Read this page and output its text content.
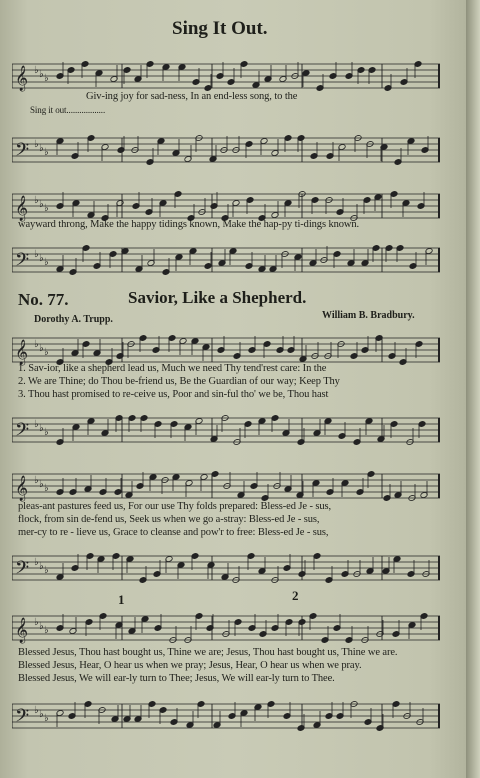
Sing It Out.
𝄞 ♭ ♭ ♭
Giv-ing joy for sad-ness, In an end-less song, to the
Sing it out..................
𝄢 ♭ ♭ ♭
𝄞 ♭ ♭ ♭
wayward throng, Make the happy tidings known, Make the hap-py ti-dings known.
𝄢 ♭ ♭ ♭
No. 77.	Savior, Like a Shepherd.
Dorothy A. Trupp.	William B. Bradbury.
𝄞 ♭ ♭ ♭
1. Sav-ior, like a shepherd lead us, Much we need Thy tend'rest care: In the
2. We are Thine; do Thou be-friend us, Be the Guardian of our way; Keep Thy
3. Thou hast promised to re-ceive us, Poor and sin-ful tho' we be, Thou hast
𝄢 ♭ ♭ ♭
𝄞 ♭ ♭ ♭
pleas-ant pastures feed us, For our use Thy folds prepared: Bless-ed Je - sus,
flock, from sin de-fend us, Seek us when we go a-stray: Bless-ed Je - sus,
mer-cy to re - lieve us, Grace to cleanse and pow'r to free: Bless-ed Je - sus,
𝄢 ♭ ♭ ♭
1	2
𝄞 ♭ ♭ ♭
Blessed Jesus, Thou hast bought us, Thine we are; Jesus, Thou hast bought us, Thine we are.
Blessed Jesus, Hear, O hear us when we pray; Jesus, Hear, O hear us when we pray.
Blessed Jesus, We will ear-ly turn to Thee; Jesus, We will ear-ly turn to Thee.
𝄢 ♭ ♭ ♭
